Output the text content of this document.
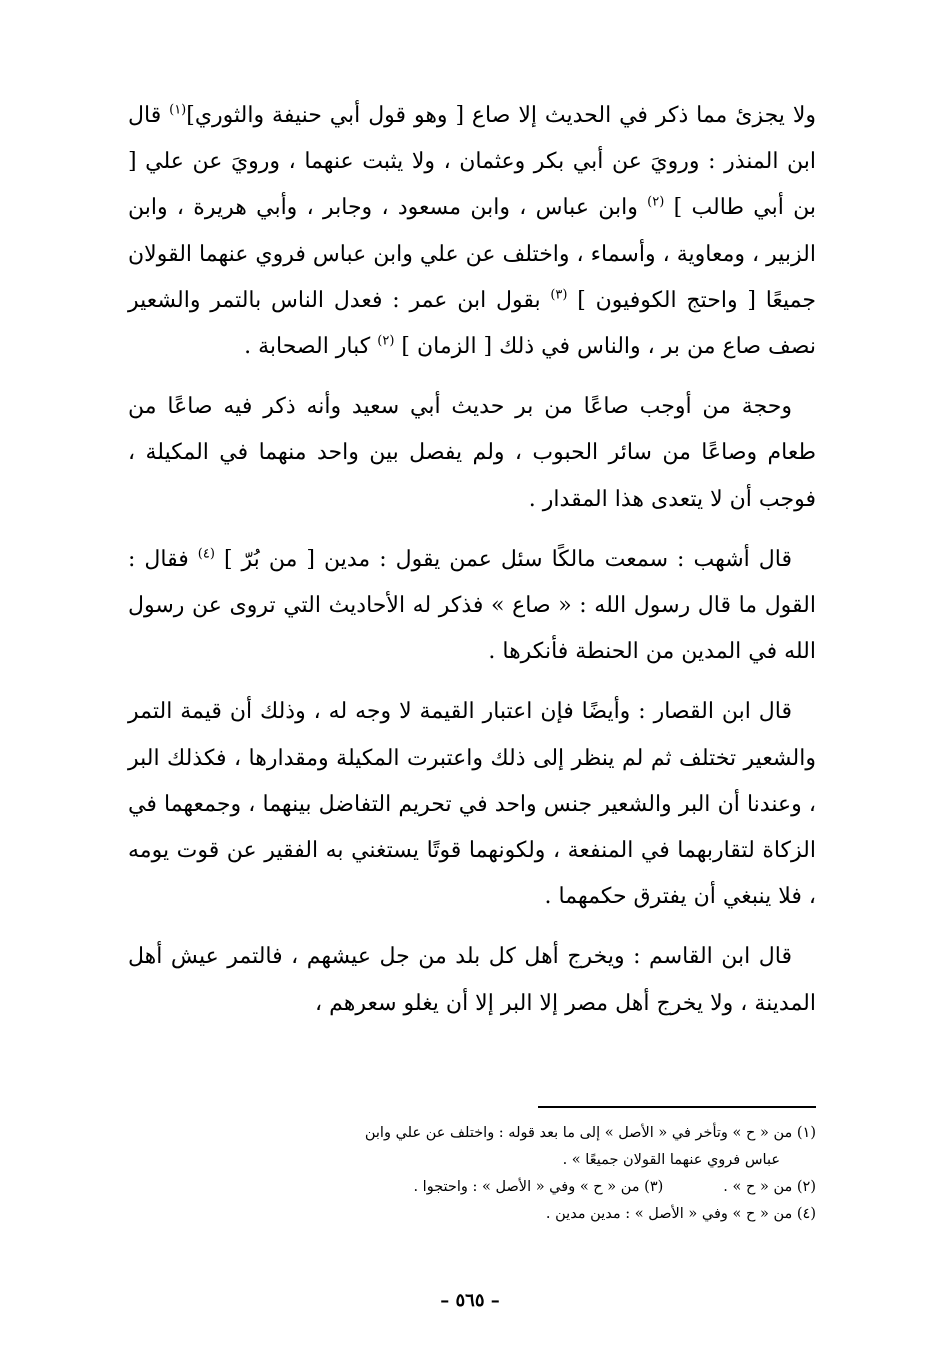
ولا يجزئ مما ذكر في الحديث إلا صاع [ وهو قول أبي حنيفة والثوري]$^{(١)}$ قال ابن المنذر : ورويَ عن أبي بكر وعثمان ، ولا يثبت عنهما ، ورويَ عن علي [ بن أبي طالب ] $^{(٢)}$ وابن عباس ، وابن مسعود ، وجابر ، وأبي هريرة ، وابن الزبير ، ومعاوية ، وأسماء ، واختلف عن علي وابن عباس فروي عنهما القولان جميعًا [ واحتج الكوفيون ] $^{(٣)}$ بقول ابن عمر : فعدل الناس بالتمر والشعير نصف صاع من بر ، والناس في ذلك [ الزمان ] $^{(٢)}$ كبار الصحابة .

وحجة من أوجب صاعًا من بر حديث أبي سعيد وأنه ذكر فيه صاعًا من طعام وصاعًا من سائر الحبوب ، ولم يفصل بين واحد منهما في المكيلة ، فوجب أن لا يتعدى هذا المقدار .

قال أشهب : سمعت مالكًا سئل عمن يقول : مدين [ من بُرّ ] $^{(٤)}$ فقال : القول ما قال رسول الله : « صاع » فذكر له الأحاديث التي تروى عن رسول الله في المدين من الحنطة فأنكرها .

قال ابن القصار : وأيضًا فإن اعتبار القيمة لا وجه له ، وذلك أن قيمة التمر والشعير تختلف ثم لم ينظر إلى ذلك واعتبرت المكيلة ومقدارها ، فكذلك البر ، وعندنا أن البر والشعير جنس واحد في تحريم التفاضل بينهما ، وجمعهما في الزكاة لتقاربهما في المنفعة ، ولكونهما قوتًا يستغني به الفقير عن قوت يومه ، فلا ينبغي أن يفترق حكمهما .

قال ابن القاسم : ويخرج أهل كل بلد من جل عيشهم ، فالتمر عيش أهل المدينة ، ولا يخرج أهل مصر إلا البر إلا أن يغلو سعرهم ،

(١) من « ح » وتأخر في « الأصل » إلى ما بعد قوله : واختلف عن علي وابن
عباس فروي عنهما القولان جميعًا » .

(٢) من « ح » .
(٣) من « ح » وفي « الأصل » : واحتجوا .

(٤) من « ح » وفي « الأصل » : مدين مدين .

– ٥٦٥ –
